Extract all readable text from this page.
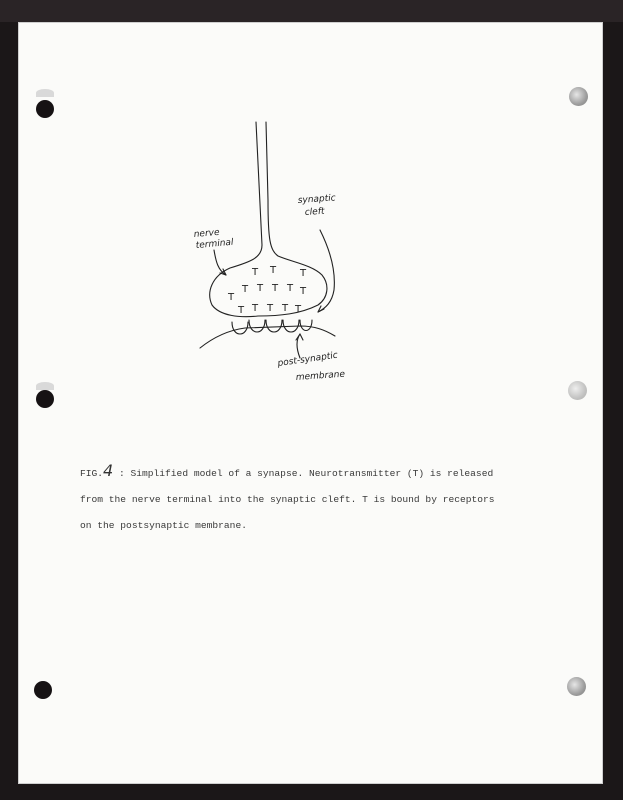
T T T
T
T T T T T
T T T T T
synaptic
cleft
nerve
terminal
post-synaptic
membrane
FIG.4 : Simplified model of a synapse. Neurotransmitter (T) is released
from the nerve terminal into the synaptic cleft. T is bound by receptors
on the postsynaptic membrane.
